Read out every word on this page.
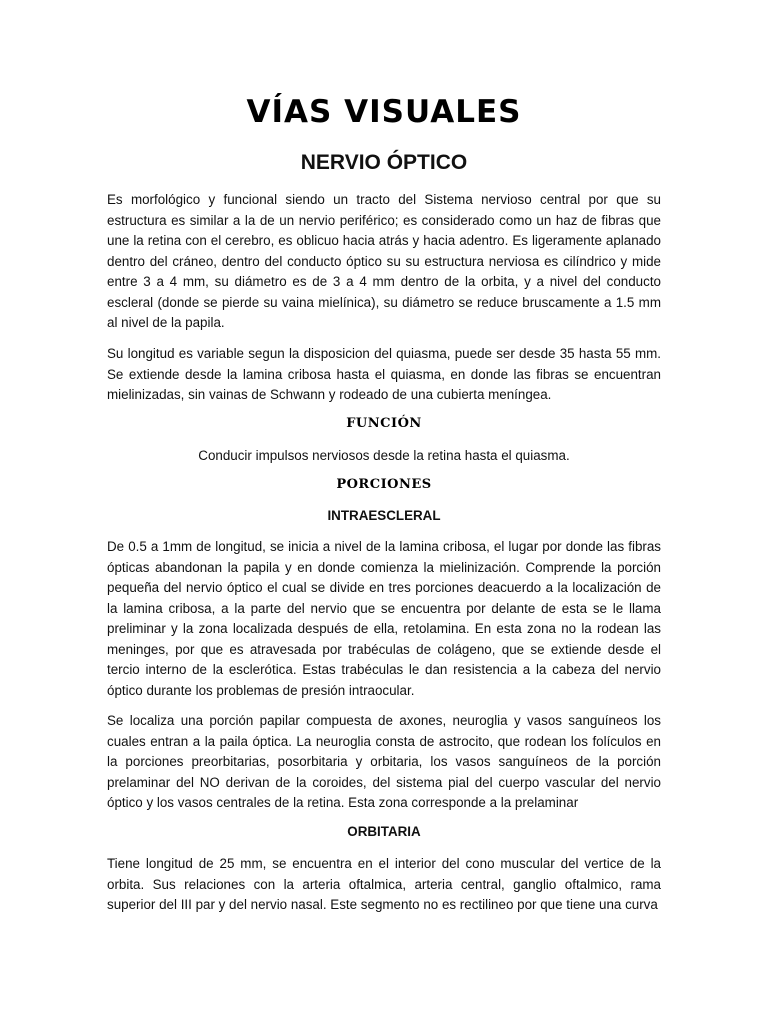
VÍAS VISUALES
NERVIO ÓPTICO

Es morfológico y funcional siendo un tracto del Sistema nervioso central por que su estructura es similar a la de un nervio periférico; es considerado como un haz de fibras que une la retina con el cerebro, es oblicuo hacia atrás y hacia adentro. Es ligeramente aplanado dentro del cráneo, dentro del conducto óptico su su estructura nerviosa es cilíndrico y mide entre 3 a 4 mm, su diámetro es de 3 a 4 mm dentro de la orbita, y a nivel del conducto escleral (donde se pierde su vaina mielínica), su diámetro se reduce bruscamente a 1.5 mm al nivel de la papila.

Su longitud es variable segun la disposicion del quiasma, puede ser desde 35 hasta 55 mm. Se extiende desde la lamina cribosa hasta el quiasma, en donde las fibras se encuentran mielinizadas, sin vainas de Schwann y rodeado de una cubierta meníngea.

FUNCIÓN

Conducir impulsos nerviosos desde la retina hasta el quiasma.

PORCIONES
INTRAESCLERAL

De 0.5 a 1mm de longitud, se inicia a nivel de la lamina cribosa, el lugar por donde las fibras ópticas abandonan la papila y en donde comienza la mielinización. Comprende la porción pequeña del nervio óptico el cual se divide en tres porciones deacuerdo a la localización de la lamina cribosa, a la parte del nervio que se encuentra por delante de esta se le llama preliminar y la zona localizada después de ella, retolamina. En esta zona no la rodean las meninges, por que es atravesada por trabéculas de colágeno, que se extiende desde el tercio interno de la esclerótica. Estas trabéculas le dan resistencia a la cabeza del nervio óptico durante los problemas de presión intraocular.

Se localiza una porción papilar compuesta de axones, neuroglia y vasos sanguíneos los cuales entran a la paila óptica. La neuroglia consta de astrocito, que rodean los folículos en la porciones preorbitarias, posorbitaria y orbitaria, los vasos sanguíneos de la porción prelaminar del NO derivan de la coroides, del sistema pial del cuerpo vascular del nervio óptico y los vasos centrales de la retina. Esta zona corresponde a la prelaminar

ORBITARIA

Tiene longitud de 25 mm, se encuentra en el interior del cono muscular del vertice de la orbita. Sus relaciones con la arteria oftalmica, arteria central, ganglio oftalmico, rama superior del III par y del nervio nasal. Este segmento no es rectilineo por que tiene una curva
